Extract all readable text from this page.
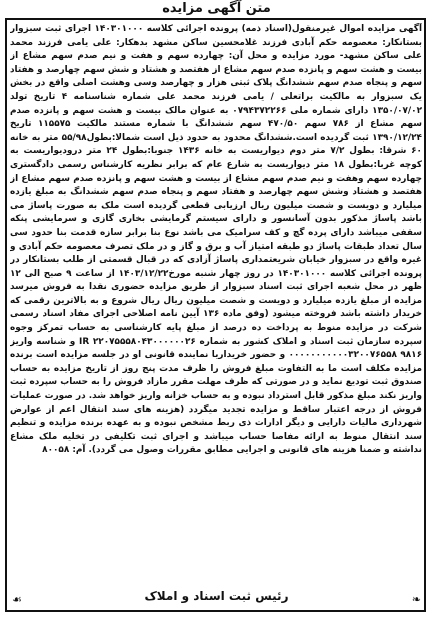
متن آگهی مزایده

آگهی مزایده اموال غیرمنقول(اسناد ذمه) پرونده اجرائی کلاسه ۱۴۰۳۰۱۰۰۰ اجرای ثبت سبزوار بستانکار: معصومه حکم آبادی فرزند غلامحسین ساکن مشهد بدهکار: علی یامی فرزند محمد علی ساکن مشهد- مورد مزایده و محل آن: چهارده سهم و هفت و نیم صدم سهم مشاع از بیست و هشت سهم و پانزده صدم سهم مشاع از هفتصد و هشتاد و شش سهم چهارصد و هفتاد سهم و پنجاه صدم سهم ششدانگ پلاک ثبتی هزار و چهارصد وسی وهشت اصلی واقع در بخش یک سبزوار به مالکیت براتعلی / یامی فرزند محمد علی شماره شناسنامه ۴ تاریخ تولد ۱۳۵۰/۰۷/۰۲ دارای شماره ملی ۰۷۹۴۳۷۲۲۶۶ به عنوان مالک بیست و هشت سهم و پانزده صدم سهم مشاع از ۷۸۶ سهم ۴۷۰/۵۰ سهم ششدانگ با شماره مستند مالکیت ۱۱۵۵۷۵ تاریخ ۱۳۹۰/۱۲/۲۴ ثبت گردیده است.ششدانگ محدود به حدود ذیل است شمالا:بطول۵۵/۹۸ متر به خانه ۶۰ شرقا: بطول ۷/۲ متر دوم دیواریست به خانه ۱۴۳۶ جنوبا:بطول ۲۴ متر درودیواریست به کوچه غربا:بطول ۱۸ متر دیواریست به شارع عام که برابر نظریه کارشناس رسمی دادگستری چهارده سهم وهفت و نیم صدم سهم مشاع از بیست و هشت سهم و پانزده صدم سهم مشاع از هفتصد و هشتاد وشش سهم چهارصد و هفتاد سهم و پنجاه صدم سهم ششدانگ به مبلغ یازده میلیارد و دویست و شصت میلیون ریال ارزیابی قطعی گردیده است ملک به صورت پاساژ می باشد پاساژ مذکور بدون آسانسور و دارای سیستم گرمایشی بخاری گازی و سرمایشی پنکه سقفی میباشد دارای پرده گچ و کف سرامیک می باشد نوع بنا برابر سازه قدمت بنا حدود سی سال تعداد طبقات پاساژ دو طبقه امتیاز آب و برق و گاز و در ملک تصرف معصومه حکم آبادی و غیره واقع در سبزوار خیابان شریعتمداری پاساژ آزادی که در قبال قسمتی از طلب بستانکار در پرونده اجرائی کلاسه ۱۴۰۳۰۱۰۰۰ در روز چهار شنبه مورخ۱۴۰۳/۱۲/۲۲ از ساعت ۹ صبح الی ۱۲ ظهر در محل شعبه اجرای ثبت اسناد سبزوار از طریق مزایده حضوری نقدا به فروش میرسد مزایده از مبلغ یازده میلیارد و دویست و شصت میلیون ریال ریال شروع و به بالاترین رقمی که خریدار داشته باشد فروخته میشود (وفق ماده ۱۳۶ آیین نامه اصلاحی اجرای مفاد اسناد رسمی شرکت در مزایده منوط به پرداخت ده درصد از مبلغ پایه کارشناسی به حساب تمرکز وجوه سپرده سازمان ثبت اسناد و املاک کشور به شماره ۲۲۰۷۵۵۵۸۰۴۳۰۰۰۰۰۰۲۶ IR و شناسه واریز ۹۸۱۶ ۰۰۰۰۰۰۰۰۰۰۰۳۲۰۰۷۶۵۵۸ و حضور خریداریا نماینده قانونی او در جلسه مزایده است برنده مزایده مکلف است ما به التفاوت مبلغ فروش را ظرف مدت پنج روز از تاریخ مزایده به حساب صندوق ثبت تودیع نماید و در صورتی که ظرف مهلت مقرر مازاد فروش را به حساب سپرده ثبت واریز نکند مبلغ مذکور قابل استرداد نبوده و به حساب خزانه واریز خواهد شد. در صورت عملیات فروش از درجه اعتبار ساقط و مزایده تجدید میگردد (هزینه های سند انتقال اعم از عوارض شهرداری مالیات دارایی و دیگر ادارات ذی ربط مشخص نبوده و به عهده برنده مزایده و تنظیم سند انتقال منوط به ارائه مفاصا حساب میباشد و اجرای ثبت تکلیفی در تخلیه ملک مشاع نداشته و ضمنا هزینه های قانونی و اجرایی مطابق مقررات وصول می گردد). آم: ۸۰۰۵۸

❧
☙	رئیس ثبت اسناد و املاک
